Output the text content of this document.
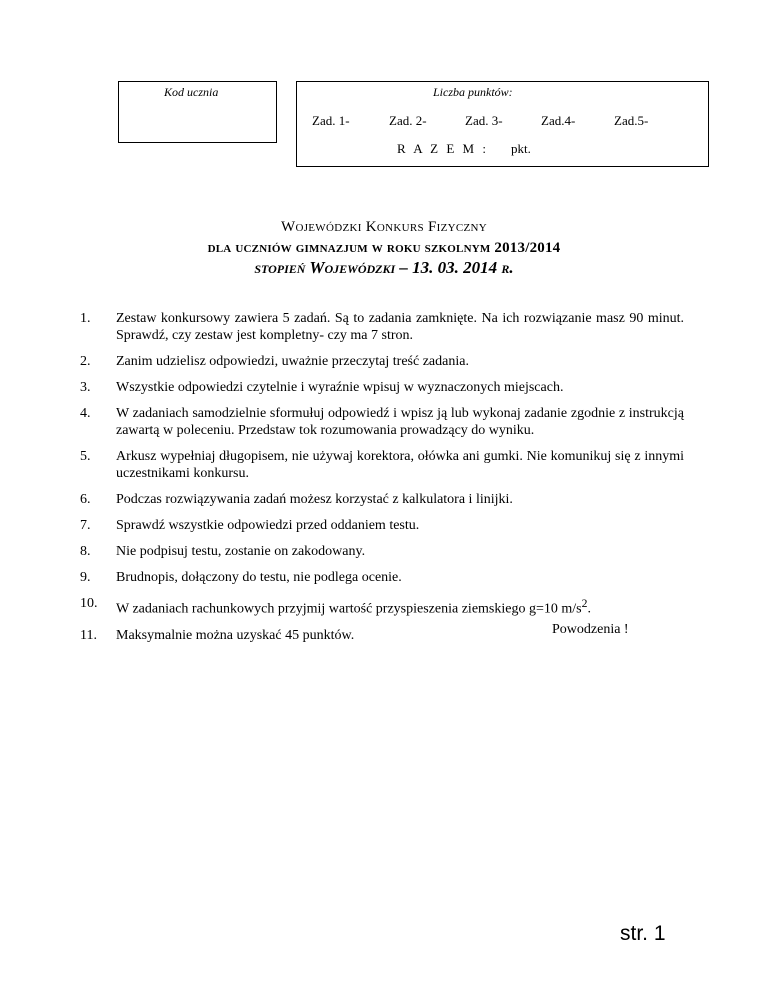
Kod ucznia	Liczba punktów:
Zad. 1-	Zad. 2-	Zad. 3-	Zad.4-	Zad.5-
R A Z E M : pkt.
Wojewódzki Konkurs Fizyczny
dla uczniów gimnazjum w roku szkolnym 2013/2014
stopień Wojewódzki – 13. 03. 2014 r.
1.	Zestaw konkursowy zawiera 5 zadań. Są to zadania zamknięte. Na ich rozwiązanie masz 90 minut. Sprawdź, czy zestaw jest kompletny- czy ma 7 stron.
2.	Zanim udzielisz odpowiedzi, uważnie przeczytaj treść zadania.
3.	Wszystkie odpowiedzi czytelnie i wyraźnie wpisuj w wyznaczonych miejscach.
4.	W zadaniach samodzielnie sformułuj odpowiedź i wpisz ją lub wykonaj zadanie zgodnie z instrukcją zawartą w poleceniu. Przedstaw tok rozumowania prowadzący do wyniku.
5.	Arkusz wypełniaj długopisem, nie używaj korektora, ołówka ani gumki. Nie komunikuj się z innymi uczestnikami konkursu.
6.	Podczas rozwiązywania zadań możesz korzystać z kalkulatora i linijki.
7.	Sprawdź wszystkie odpowiedzi przed oddaniem testu.
8.	Nie podpisuj testu, zostanie on zakodowany.
9.	Brudnopis, dołączony do testu, nie podlega ocenie.
10.	W zadaniach rachunkowych przyjmij wartość przyspieszenia ziemskiego g=10 $m/s^2$.
11.	Maksymalnie można uzyskać 45 punktów.	Powodzenia !
str. 1
